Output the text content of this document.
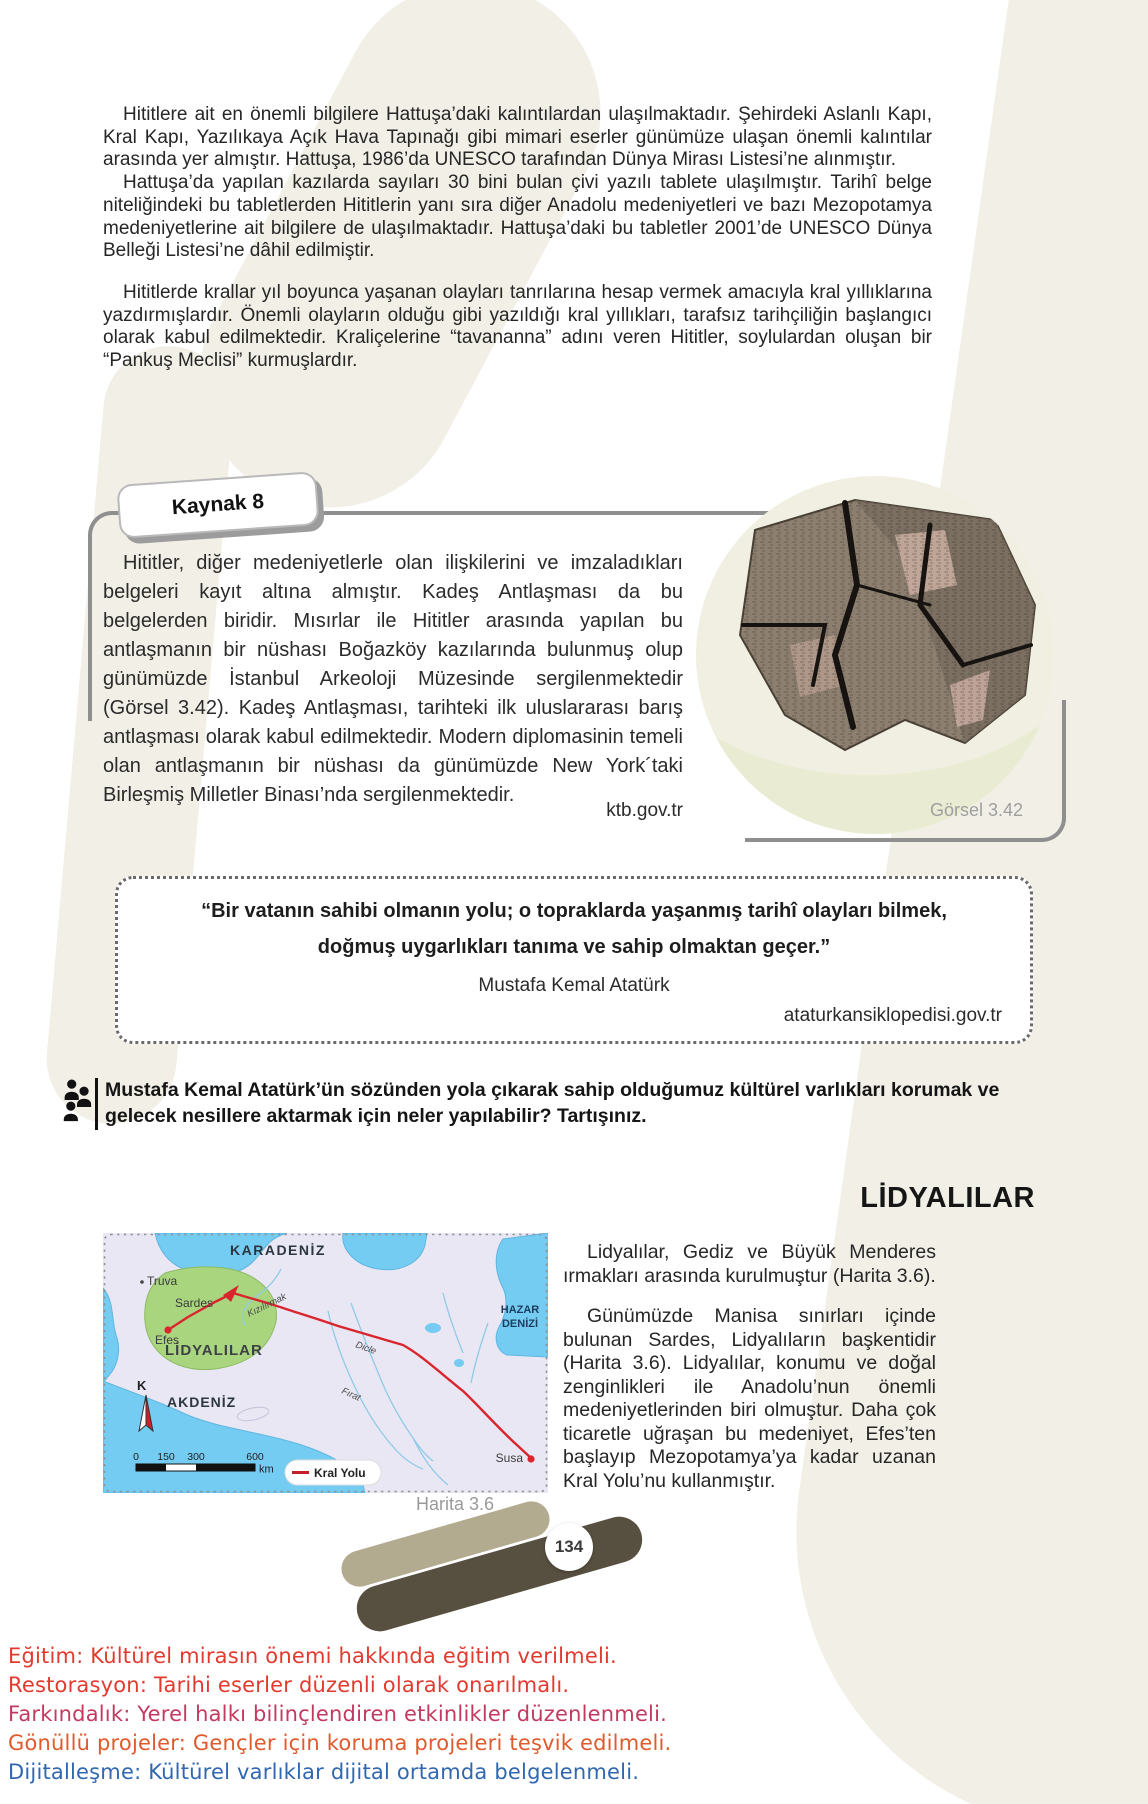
Hititlere ait en önemli bilgilere Hattuşa’daki kalıntılardan ulaşılmaktadır. Şehirdeki Aslanlı Kapı, Kral Kapı, Yazılıkaya Açık Hava Tapınağı gibi mimari eserler günümüze ulaşan önemli kalıntılar arasında yer almıştır. Hattuşa, 1986’da UNESCO tarafından Dünya Mirası Listesi’ne alınmıştır.

Hattuşa’da yapılan kazılarda sayıları 30 bini bulan çivi yazılı tablete ulaşılmıştır. Tarihî belge niteliğindeki bu tabletlerden Hititlerin yanı sıra diğer Anadolu medeniyetleri ve bazı Mezopotamya medeniyetlerine ait bilgilere de ulaşılmaktadır. Hattuşa’daki bu tabletler 2001’de UNESCO Dünya Belleği Listesi’ne dâhil edilmiştir.

Hititlerde krallar yıl boyunca yaşanan olayları tanrılarına hesap vermek amacıyla kral yıllıklarına yazdırmışlardır. Önemli olayların olduğu gibi yazıldığı kral yıllıkları, tarafsız tarihçiliğin başlangıcı olarak kabul edilmektedir. Kraliçelerine “tavananna” adını veren Hititler, soylulardan oluşan bir “Pankuş Meclisi” kurmuşlardır.

Kaynak 8

Hititler, diğer medeniyetlerle olan ilişkilerini ve imzaladıkları belgeleri kayıt altına almıştır. Kadeş Antlaşması da bu belgelerden biridir. Mısırlar ile Hititler arasında yapılan bu antlaşmanın bir nüshası Boğazköy kazılarında bulunmuş olup günümüzde İstanbul Arkeoloji Müzesinde sergilenmektedir (Görsel 3.42). Kadeş Antlaşması, tarihteki ilk uluslararası barış antlaşması olarak kabul edilmektedir. Modern diplomasinin temeli olan antlaşmanın bir nüshası da günümüzde New York´taki Birleşmiş Milletler Binası’nda sergilenmektedir.

ktb.gov.tr	Görsel 3.42

“Bir vatanın sahibi olmanın yolu; o topraklarda yaşanmış tarihî olayları bilmek,

doğmuş uygarlıkları tanıma ve sahip olmaktan geçer.”

Mustafa Kemal Atatürk

ataturkansiklopedisi.gov.tr
Mustafa Kemal Atatürk’ün sözünden yola çıkarak sahip olduğumuz kültürel varlıkları korumak ve gelecek nesillere aktarmak için neler yapılabilir? Tartışınız.
LİDYALILAR
KARADENİZ
HAZAR
DENİZİ
AKDENİZ
LİDYALILAR
Truva
Sardes
Efes
Susa
Kızılırmak
Dicle
Fırat
K
0 150 300	600
km	Kral Yolu
Harita 3.6

Lidyalılar, Gediz ve Büyük Menderes ırmakları arasında kurulmuştur (Harita 3.6).

Günümüzde Manisa sınırları içinde bulunan Sardes, Lidyalıların başkentidir (Harita 3.6). Lidyalılar, konumu ve doğal zenginlikleri ile Anadolu’nun önemli medeniyetlerinden biri olmuştur. Daha çok ticaretle uğraşan bu medeniyet, Efes’ten başlayıp Mezopotamya’ya kadar uzanan Kral Yolu’nu kullanmıştır.

134

Eğitim: Kültürel mirasın önemi hakkında eğitim verilmeli.

Restorasyon: Tarihi eserler düzenli olarak onarılmalı.

Farkındalık: Yerel halkı bilinçlendiren etkinlikler düzenlenmeli.

Gönüllü projeler: Gençler için koruma projeleri teşvik edilmeli.

Dijitalleşme: Kültürel varlıklar dijital ortamda belgelenmeli.
